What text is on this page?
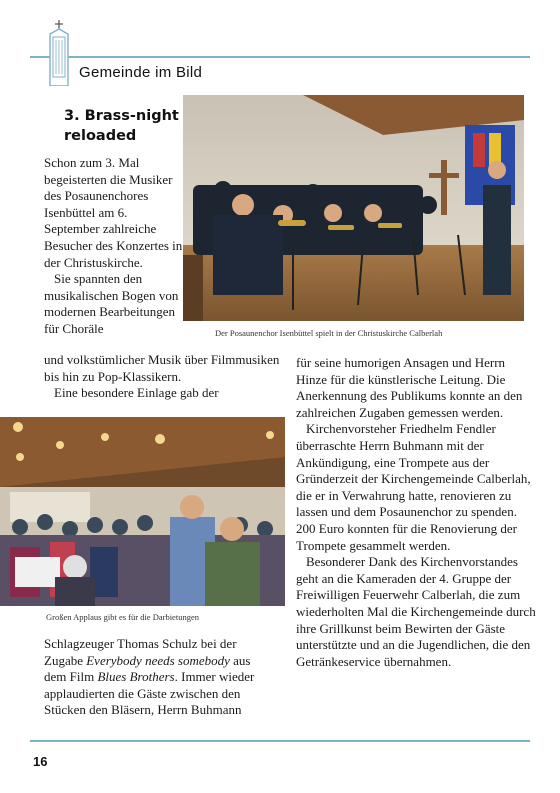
Gemeinde im Bild
3. Brass-night
reloaded

Schon zum 3. Mal begeisterten die Musiker des Posaunenchores Isenbüttel am 6. September zahlreiche Besucher des Konzertes in der Christuskirche.

Sie spannten den musikalischen Bogen von modernen Bearbeitungen für Choräle

und volkstümlicher Musik über Filmmusiken bis hin zu Pop-Klassikern.

Eine besondere Einlage gab der

Der Posaunenchor Isenbüttel spielt in der Christuskirche Calberlah
Großen Applaus gibt es für die Darbietungen

Schlagzeuger Thomas Schulz bei der Zugabe Everybody needs somebody aus dem Film Blues Brothers. Immer wieder applaudierten die Gäste zwischen den Stücken den Bläsern, Herrn Buhmann

für seine humorigen Ansagen und Herrn Hinze für die künstlerische Leitung. Die Anerkennung des Publikums konnte an den zahlreichen Zugaben gemessen werden.

Kirchenvorsteher Friedhelm Fendler überraschte Herrn Buhmann mit der Ankündigung, eine Trompete aus der Gründerzeit der Kirchengemeinde Calberlah, die er in Verwahrung hatte, renovieren zu lassen und dem Posaunenchor zu spenden. 200 Euro konnten für die Renovierung der Trompete gesammelt werden.

Besonderer Dank des Kirchenvorstandes geht an die Kameraden der 4. Gruppe der Freiwilligen Feuerwehr Calberlah, die zum wiederholten Mal die Kirchengemeinde durch ihre Grillkunst beim Bewirten der Gäste unterstützte und an die Jugendlichen, die den Getränkeservice übernahmen.

16
